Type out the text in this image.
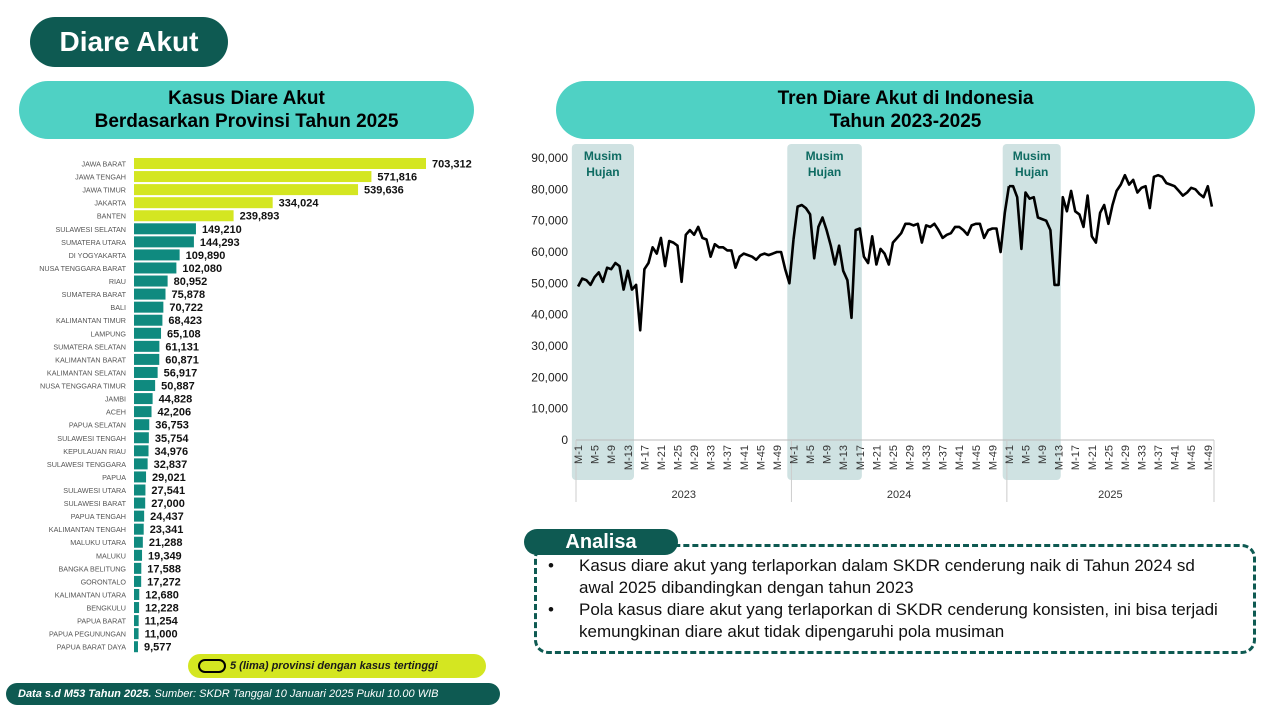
Diare Akut
Kasus Diare Akut
Berdasarkan Provinsi Tahun 2025
Tren Diare Akut di Indonesia
Tahun 2023-2025
JAWA BARAT	703,312
JAWA TENGAH	571,816
JAWA TIMUR	539,636
JAKARTA	334,024
BANTEN	239,893
SULAWESI SELATAN	149,210
SUMATERA UTARA	144,293
DI YOGYAKARTA	109,890
NUSA TENGGARA BARAT	102,080
RIAU	80,952
SUMATERA BARAT	75,878
BALI	70,722
KALIMANTAN TIMUR	68,423
LAMPUNG	65,108
SUMATERA SELATAN	61,131
KALIMANTAN BARAT	60,871
KALIMANTAN SELATAN	56,917
NUSA TENGGARA TIMUR	50,887
JAMBI	44,828
ACEH	42,206
PAPUA SELATAN	36,753
SULAWESI TENGAH	35,754
KEPULAUAN RIAU	34,976
SULAWESI TENGGARA	32,837
PAPUA 29,021
SULAWESI UTARA 27,541
SULAWESI BARAT 27,000
PAPUA TENGAH 24,437
KALIMANTAN TENGAH 23,341
MALUKU UTARA 21,288
MALUKU 19,349
BANGKA BELITUNG 17,588
GORONTALO 17,272
KALIMANTAN UTARA 12,680
BENGKULU 12,228
PAPUA BARAT 11,254
PAPUA PEGUNUNGAN 11,000
PAPUA BARAT DAYA 9,577
5 (lima) provinsi dengan kasus tertinggi
Data s.d M53 Tahun 2025. Sumber: SKDR Tanggal 10 Januari 2025 Pukul 10.00 WIB
Musim
Hujan
Musim
Hujan
Musim
Hujan
0
10,000
20,000
30,000
40,000
50,000
60,000
70,000
80,000
90,000
2023
M-1 M-5 M-9 M-13 M-17 M-21 M-25 M-29 M-33 M-37 M-41 M-45 M-49
2024
M-1 M-5 M-9 M-13 M-17 M-21 M-25 M-29 M-33 M-37 M-41 M-45 M-49
2025
M-1 M-5 M-9 M-13 M-17 M-21 M-25 M-29 M-33 M-37 M-41 M-45 M-49
Analisa
• Kasus diare akut yang terlaporkan dalam SKDR cenderung naik di Tahun 2024 sd awal 2025 dibandingkan dengan tahun 2023
• Pola kasus diare akut yang terlaporkan di SKDR cenderung konsisten, ini bisa terjadi kemungkinan diare akut tidak dipengaruhi pola musiman
